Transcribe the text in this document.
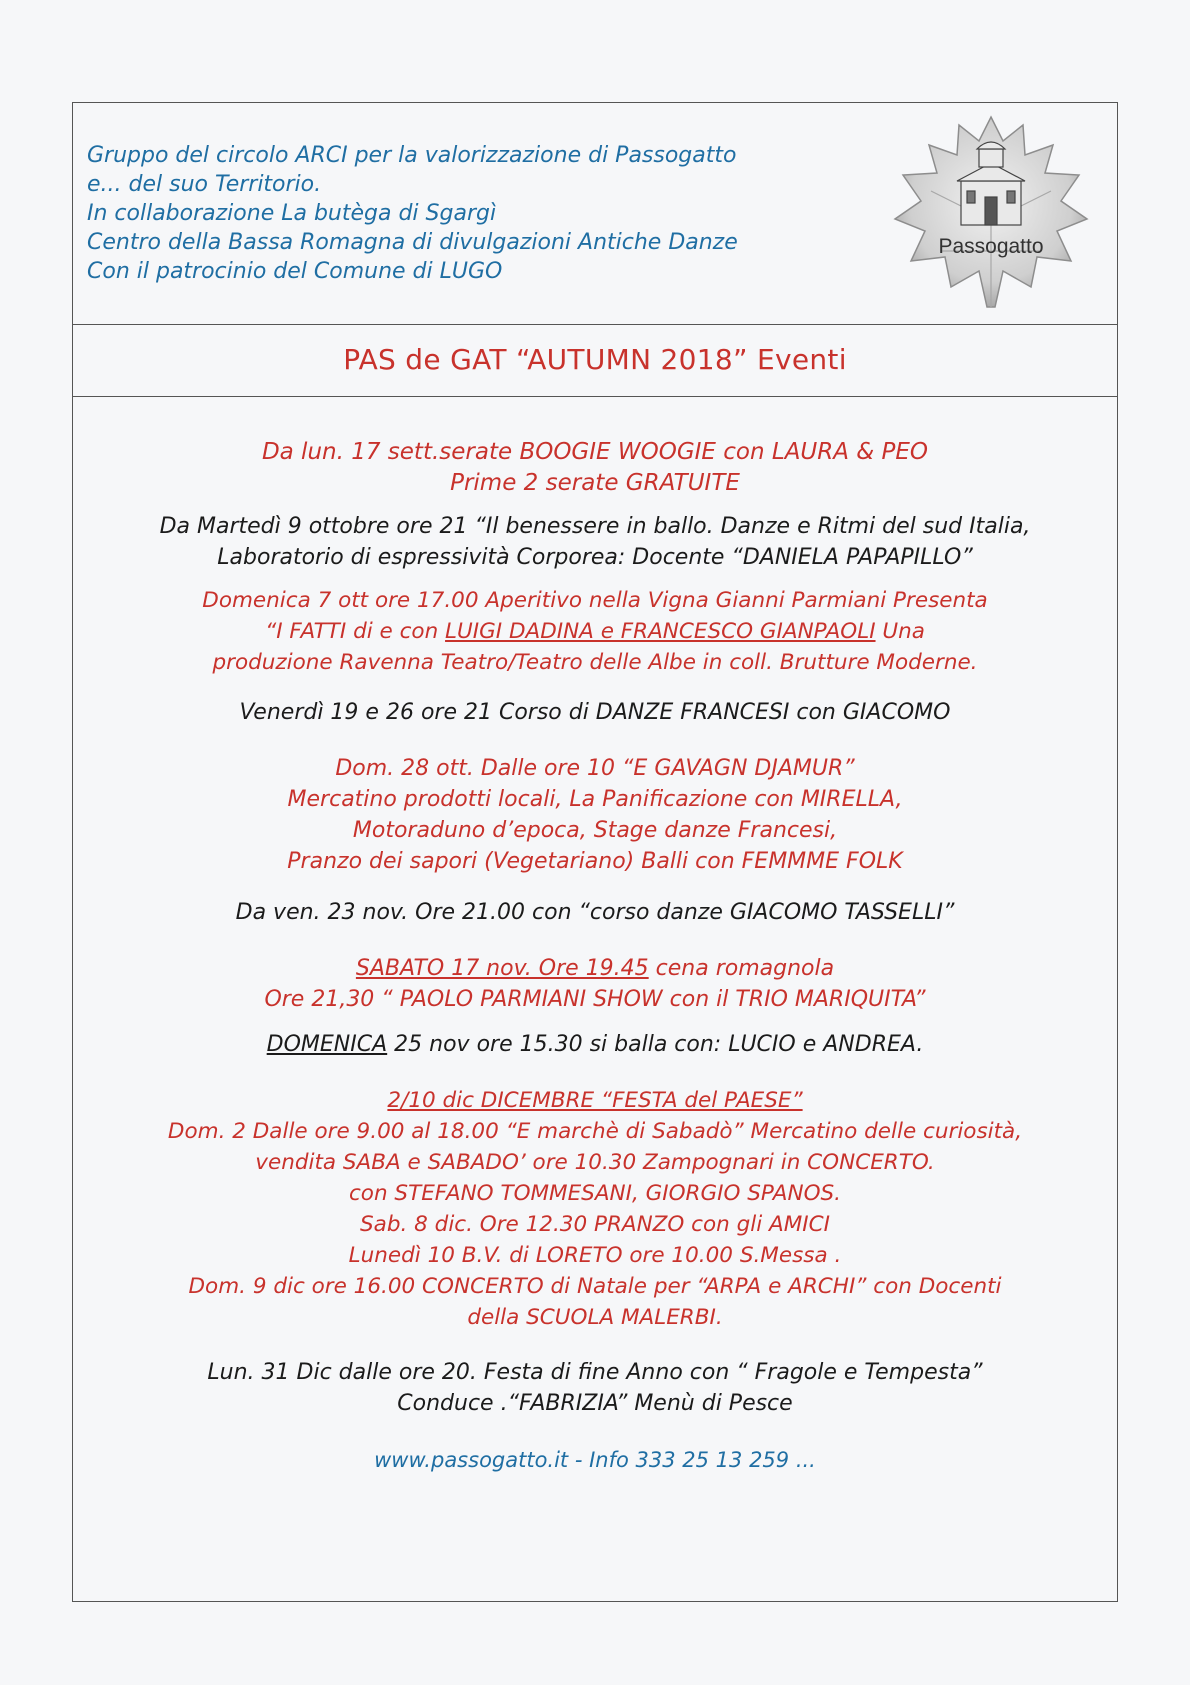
Gruppo del circolo ARCI per la valorizzazione di Passogatto
e... del suo Territorio.
In collaborazione La butèga di Sgargì
Centro della Bassa Romagna di divulgazioni Antiche Danze
Con il patrocinio del Comune di LUGO
Passogatto
PAS de GAT “AUTUMN 2018” Eventi
Da lun. 17 sett.serate BOOGIE WOOGIE con LAURA & PEO
Prime 2 serate GRATUITE
Da Martedì 9 ottobre ore 21 “Il benessere in ballo. Danze e Ritmi del sud Italia,
Laboratorio di espressività Corporea: Docente “DANIELA PAPAPILLO”
Domenica 7 ott ore 17.00 Aperitivo nella Vigna Gianni Parmiani Presenta
“I FATTI di e con LUIGI DADINA e FRANCESCO GIANPAOLI Una
produzione Ravenna Teatro/Teatro delle Albe in coll. Brutture Moderne.
Venerdì 19 e 26 ore 21 Corso di DANZE FRANCESI con GIACOMO
Dom. 28 ott. Dalle ore 10 “E GAVAGN DJAMUR”
Mercatino prodotti locali, La Panificazione con MIRELLA,
Motoraduno d’epoca, Stage danze Francesi,
Pranzo dei sapori (Vegetariano) Balli con FEMMME FOLK
Da ven. 23 nov. Ore 21.00 con “corso danze GIACOMO TASSELLI”
SABATO 17 nov. Ore 19.45 cena romagnola
Ore 21,30 “ PAOLO PARMIANI SHOW con il TRIO MARIQUITA”
DOMENICA 25 nov ore 15.30 si balla con: LUCIO e ANDREA.
2/10 dic DICEMBRE “FESTA del PAESE”
Dom. 2 Dalle ore 9.00 al 18.00 “E marchè di Sabadò” Mercatino delle curiosità,
vendita SABA e SABADO’ ore 10.30 Zampognari in CONCERTO.
con STEFANO TOMMESANI, GIORGIO SPANOS.
Sab. 8 dic. Ore 12.30 PRANZO con gli AMICI
Lunedì 10 B.V. di LORETO ore 10.00 S.Messa .
Dom. 9 dic ore 16.00 CONCERTO di Natale per “ARPA e ARCHI” con Docenti
della SCUOLA MALERBI.
Lun. 31 Dic dalle ore 20. Festa di fine Anno con “ Fragole e Tempesta”
Conduce .“FABRIZIA” Menù di Pesce
www.passogatto.it - Info 333 25 13 259 ...
